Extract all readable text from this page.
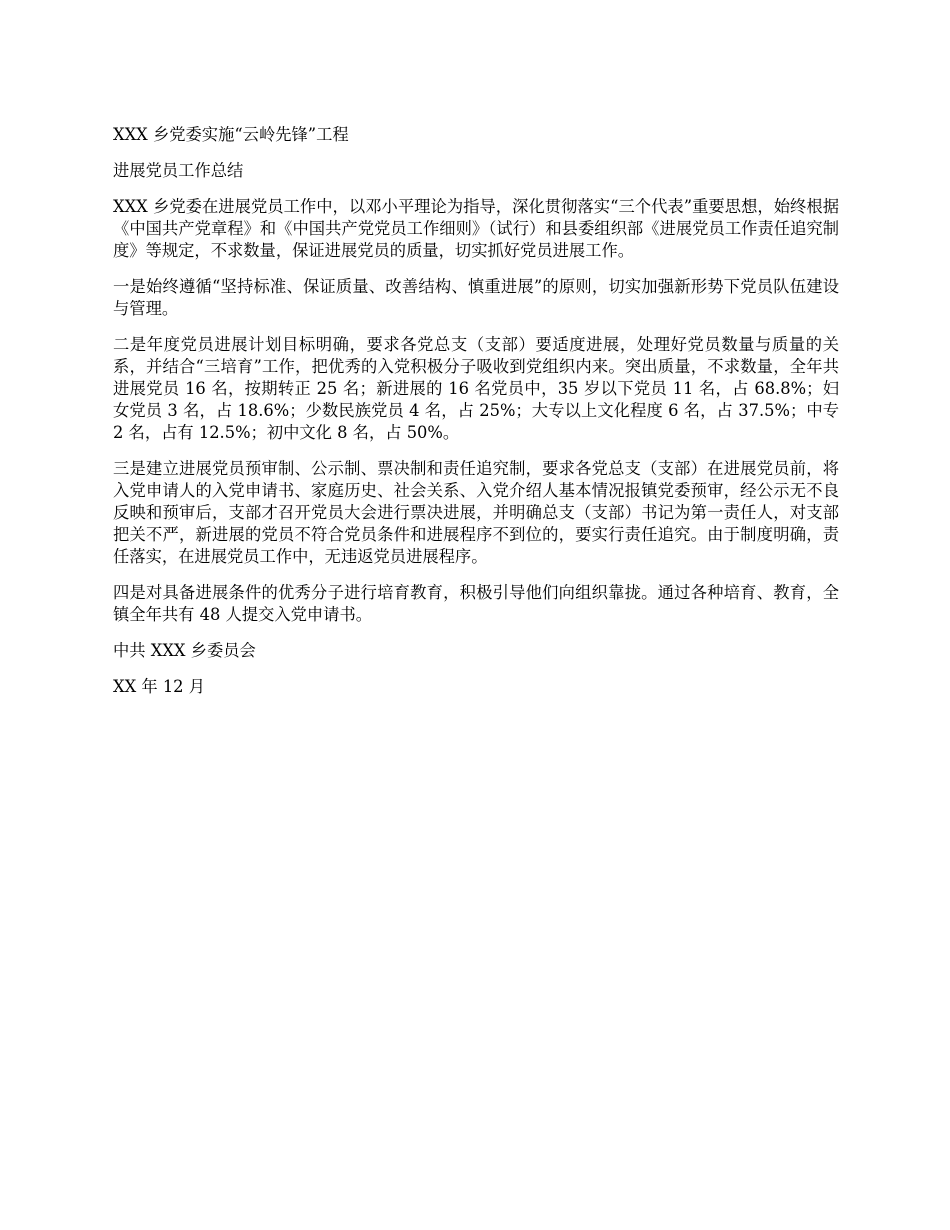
XXX 乡党委实施“云岭先锋”工程

进展党员工作总结

XXX 乡党委在进展党员工作中，以邓小平理论为指导，深化贯彻落实“三个代表”重要思想，始终根据《中国共产党章程》和《中国共产党党员工作细则》（试行）和县委组织部《进展党员工作责任追究制度》等规定，不求数量，保证进展党员的质量，切实抓好党员进展工作。

一是始终遵循“坚持标准、保证质量、改善结构、慎重进展”的原则，切实加强新形势下党员队伍建设与管理。

二是年度党员进展计划目标明确，要求各党总支（支部）要适度进展，处理好党员数量与质量的关系，并结合“三培育”工作，把优秀的入党积极分子吸收到党组织内来。突出质量，不求数量，全年共进展党员 16 名，按期转正 25 名；新进展的 16 名党员中，35 岁以下党员 11 名，占 68.8%；妇女党员 3 名，占 18.6%；少数民族党员 4 名，占 25%；大专以上文化程度 6 名，占 37.5%；中专 2 名，占有 12.5%；初中文化 8 名，占 50%。

三是建立进展党员预审制、公示制、票决制和责任追究制，要求各党总支（支部）在进展党员前，将入党申请人的入党申请书、家庭历史、社会关系、入党介绍人基本情况报镇党委预审，经公示无不良反映和预审后，支部才召开党员大会进行票决进展，并明确总支（支部）书记为第一责任人，对支部把关不严，新进展的党员不符合党员条件和进展程序不到位的，要实行责任追究。由于制度明确，责任落实，在进展党员工作中，无违返党员进展程序。

四是对具备进展条件的优秀分子进行培育教育，积极引导他们向组织靠拢。通过各种培育、教育，全镇全年共有 48 人提交入党申请书。

中共 XXX 乡委员会

XX 年 12 月
